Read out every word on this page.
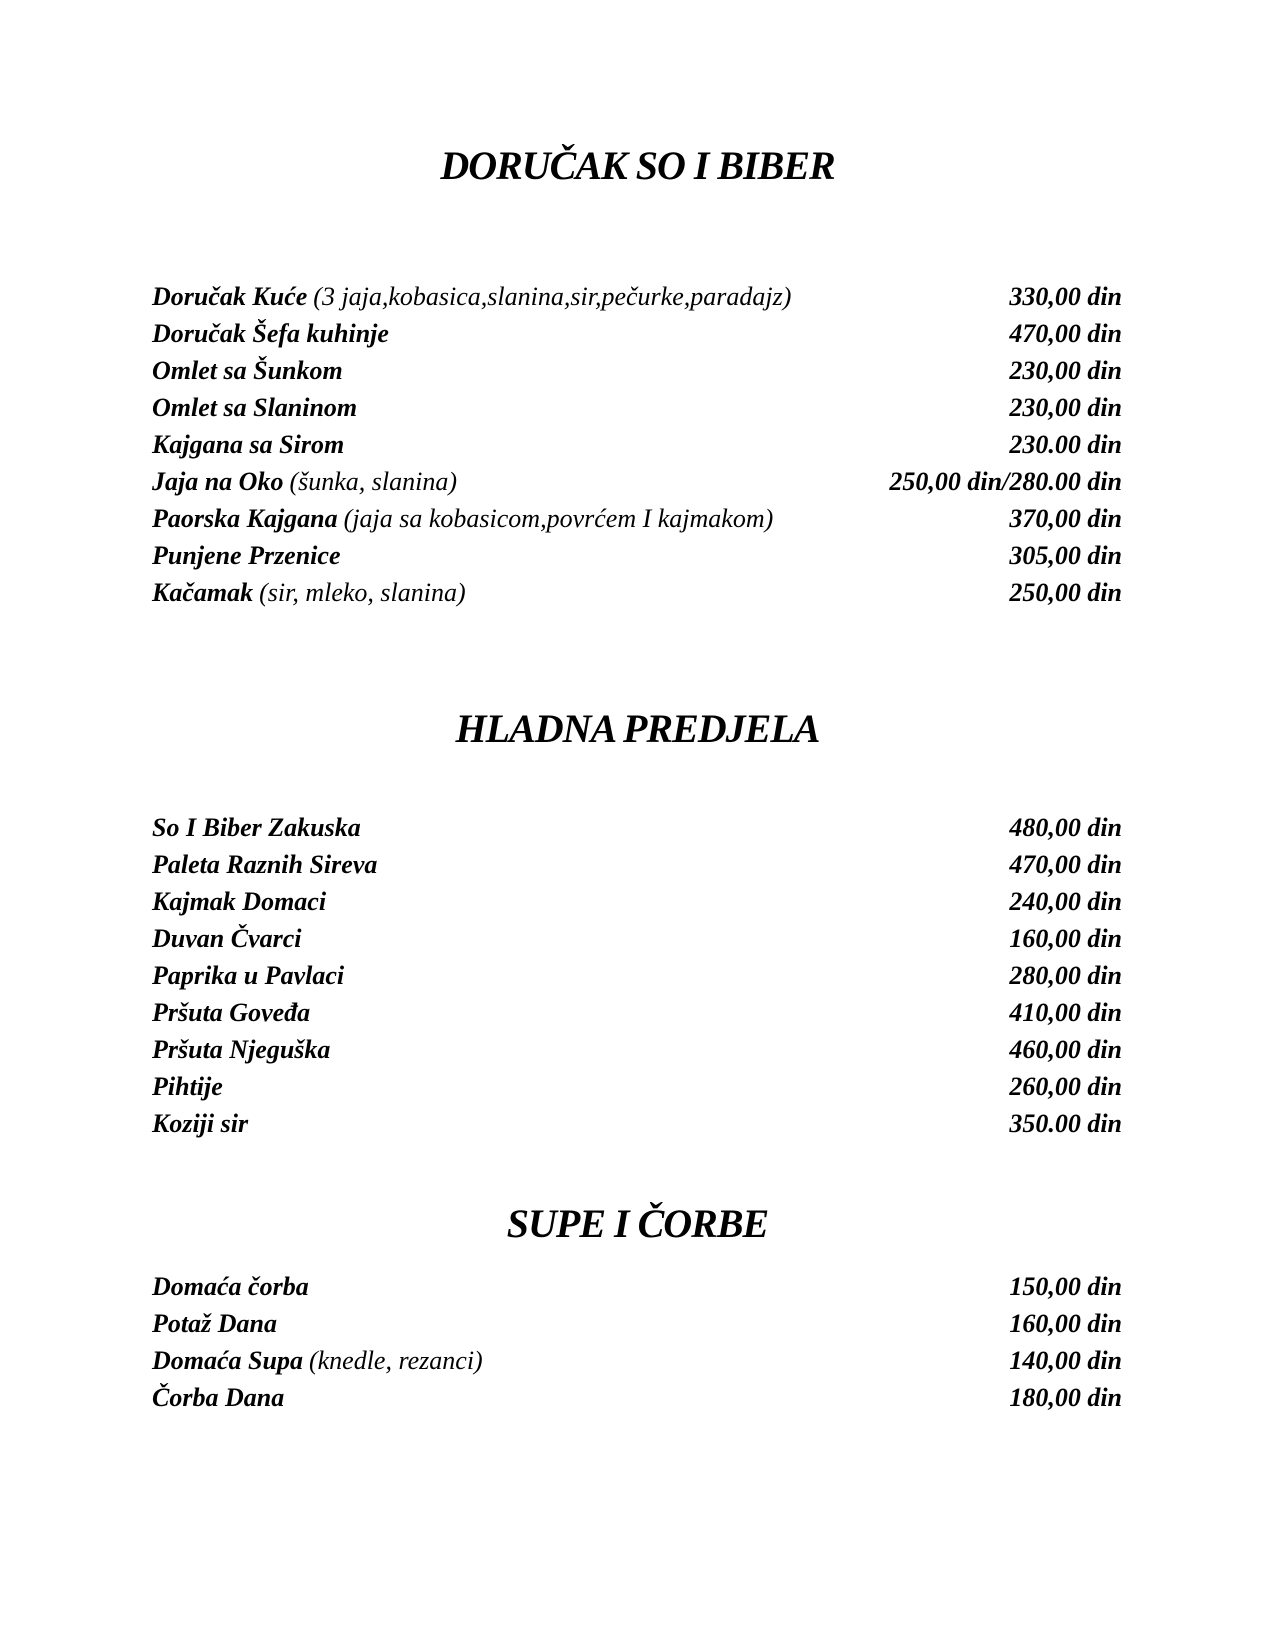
DORUČAK SO I BIBER
Doručak Kuće (3 jaja,kobasica,slanina,sir,pečurke,paradajz)	330,00 din
Doručak Šefa kuhinje	470,00 din
Omlet sa Šunkom	230,00 din
Omlet sa Slaninom	230,00 din
Kajgana sa Sirom	230.00 din
Jaja na Oko (šunka, slanina)	250,00 din/280.00 din
Paorska Kajgana (jaja sa kobasicom,povrćem I kajmakom)	370,00 din
Punjene Przenice	305,00 din
Kačamak (sir, mleko, slanina)	250,00 din
HLADNA PREDJELA
So I Biber Zakuska	480,00 din
Paleta Raznih Sireva	470,00 din
Kajmak Domaci	240,00 din
Duvan Čvarci	160,00 din
Paprika u Pavlaci	280,00 din
Pršuta Goveđa	410,00 din
Pršuta Njeguška	460,00 din
Pihtije	260,00 din
Koziji sir	350.00 din
SUPE I ČORBE
Domaća čorba	150,00 din
Potaž Dana	160,00 din
Domaća Supa (knedle, rezanci)	140,00 din
Čorba Dana	180,00 din
